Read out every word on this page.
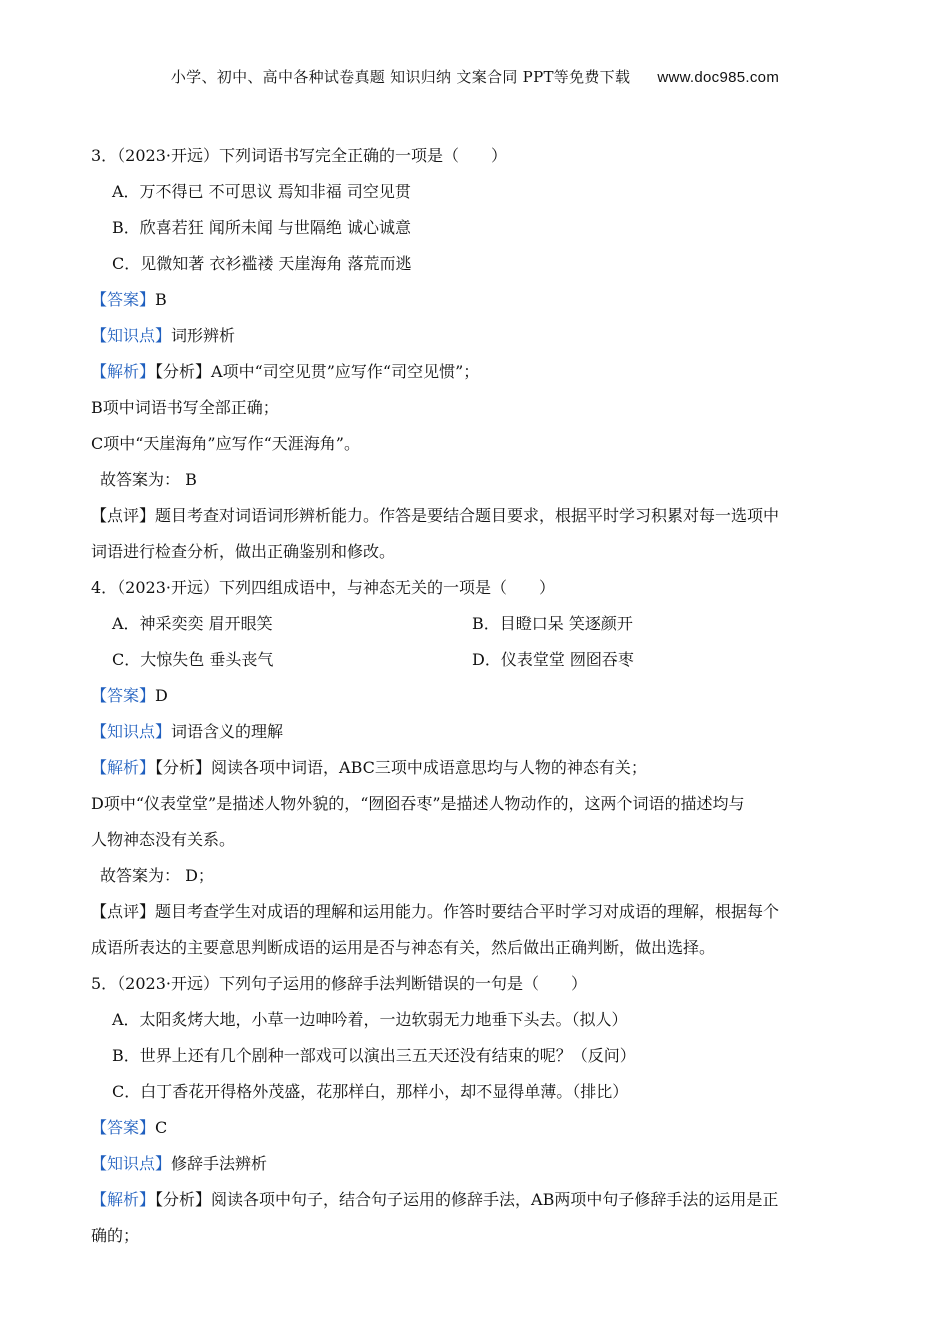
小学、初中、高中各种试卷真题 知识归纳 文案合同 PPT等免费下载 www.doc985.com
3．（2023·开远）下列词语书写完全正确的一项是（　　）
A．万不得已 不可思议 焉知非福 司空见贯
B．欣喜若狂 闻所未闻 与世隔绝 诚心诚意
C．见微知著 衣衫褴褛 天崖海角 落荒而逃
【答案】B
【知识点】词形辨析
【解析】【分析】A项中“司空见贯”应写作“司空见惯”；
B项中词语书写全部正确；
C项中“天崖海角”应写作“天涯海角”。
故答案为： B
【点评】题目考查对词语词形辨析能力。作答是要结合题目要求，根据平时学习积累对每一选项中
词语进行检查分析，做出正确鉴别和修改。
4．（2023·开远）下列四组成语中，与神态无关的一项是（　　）
A．神采奕奕 眉开眼笑	B．目瞪口呆 笑逐颜开
C．大惊失色 垂头丧气	D．仪表堂堂 囫囵吞枣
【答案】D
【知识点】词语含义的理解
【解析】【分析】阅读各项中词语，ABC三项中成语意思均与人物的神态有关；
D项中“仪表堂堂”是描述人物外貌的，“囫囵吞枣”是描述人物动作的，这两个词语的描述均与
人物神态没有关系。
故答案为： D；
【点评】题目考查学生对成语的理解和运用能力。作答时要结合平时学习对成语的理解，根据每个
成语所表达的主要意思判断成语的运用是否与神态有关，然后做出正确判断，做出选择。
5．（2023·开远）下列句子运用的修辞手法判断错误的一句是（　　）
A．太阳炙烤大地，小草一边呻吟着，一边软弱无力地垂下头去。（拟人）
B．世界上还有几个剧种一部戏可以演出三五天还没有结束的呢？（反问）
C．白丁香花开得格外茂盛，花那样白，那样小，却不显得单薄。（排比）
【答案】C
【知识点】修辞手法辨析
【解析】【分析】阅读各项中句子，结合句子运用的修辞手法，AB两项中句子修辞手法的运用是正
确的；
